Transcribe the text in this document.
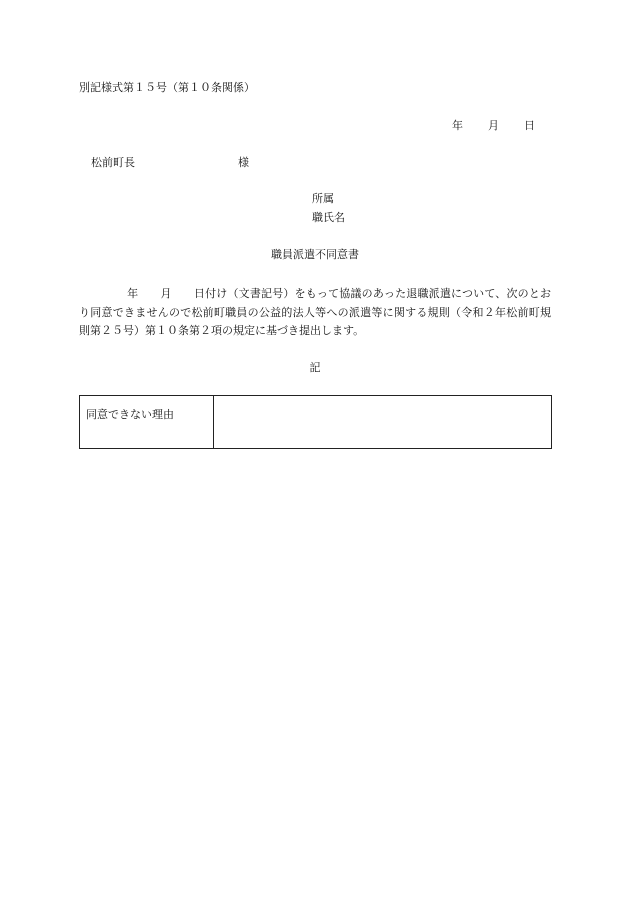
別記様式第１５号（第１０条関係）
年 月 日
松前町長	様
所属
職氏名
職員派遣不同意書
年 月 日付け（文書記号）をもって協議のあった退職派遣について、次のとおり同意できませんので松前町職員の公益的法人等への派遣等に関する規則（令和２年松前町規則第２５号）第１０条第２項の規定に基づき提出します。
記
同意できない理由	
